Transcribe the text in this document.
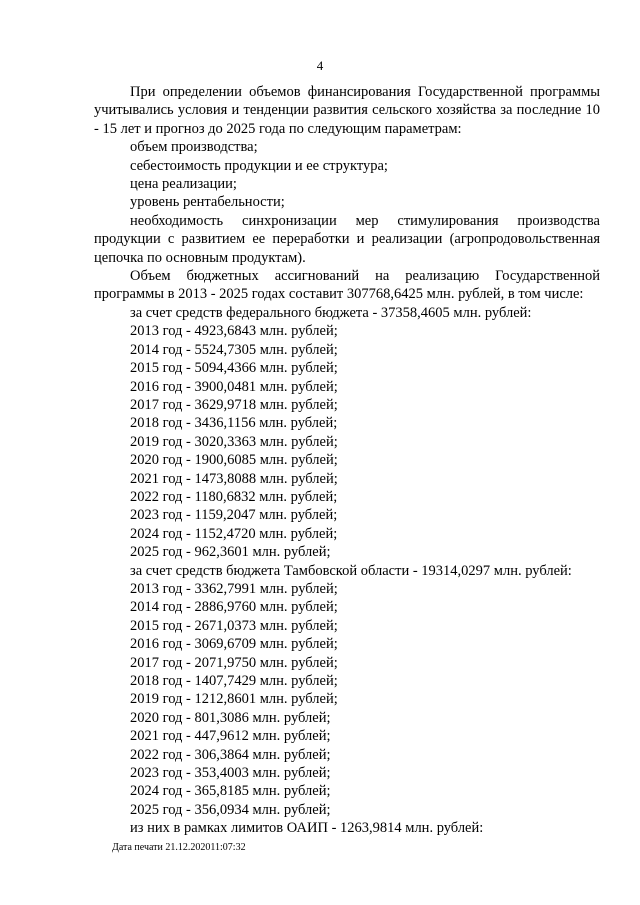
4

При определении объемов финансирования Государственной программы учитывались условия и тенденции развития сельского хозяйства за последние 10 - 15 лет и прогноз до 2025 года по следующим параметрам:

объем производства;

себестоимость продукции и ее структура;

цена реализации;

уровень рентабельности;

необходимость синхронизации мер стимулирования производства продукции с развитием ее переработки и реализации (агропродовольственная цепочка по основным продуктам).

Объем бюджетных ассигнований на реализацию Государственной программы в 2013 - 2025 годах составит 307768,6425 млн. рублей, в том числе:

за счет средств федерального бюджета - 37358,4605 млн. рублей:

2013 год - 4923,6843 млн. рублей;

2014 год - 5524,7305 млн. рублей;

2015 год - 5094,4366 млн. рублей;

2016 год - 3900,0481 млн. рублей;

2017 год - 3629,9718 млн. рублей;

2018 год - 3436,1156 млн. рублей;

2019 год - 3020,3363 млн. рублей;

2020 год - 1900,6085 млн. рублей;

2021 год - 1473,8088 млн. рублей;

2022 год - 1180,6832 млн. рублей;

2023 год - 1159,2047 млн. рублей;

2024 год - 1152,4720 млн. рублей;

2025 год - 962,3601 млн. рублей;

за счет средств бюджета Тамбовской области - 19314,0297 млн. рублей:

2013 год - 3362,7991 млн. рублей;

2014 год - 2886,9760 млн. рублей;

2015 год - 2671,0373 млн. рублей;

2016 год - 3069,6709 млн. рублей;

2017 год - 2071,9750 млн. рублей;

2018 год - 1407,7429 млн. рублей;

2019 год - 1212,8601 млн. рублей;

2020 год - 801,3086 млн. рублей;

2021 год - 447,9612 млн. рублей;

2022 год - 306,3864 млн. рублей;

2023 год - 353,4003 млн. рублей;

2024 год - 365,8185 млн. рублей;

2025 год - 356,0934 млн. рублей;

из них в рамках лимитов ОАИП - 1263,9814 млн. рублей:

Дата печати 21.12.202011:07:32
